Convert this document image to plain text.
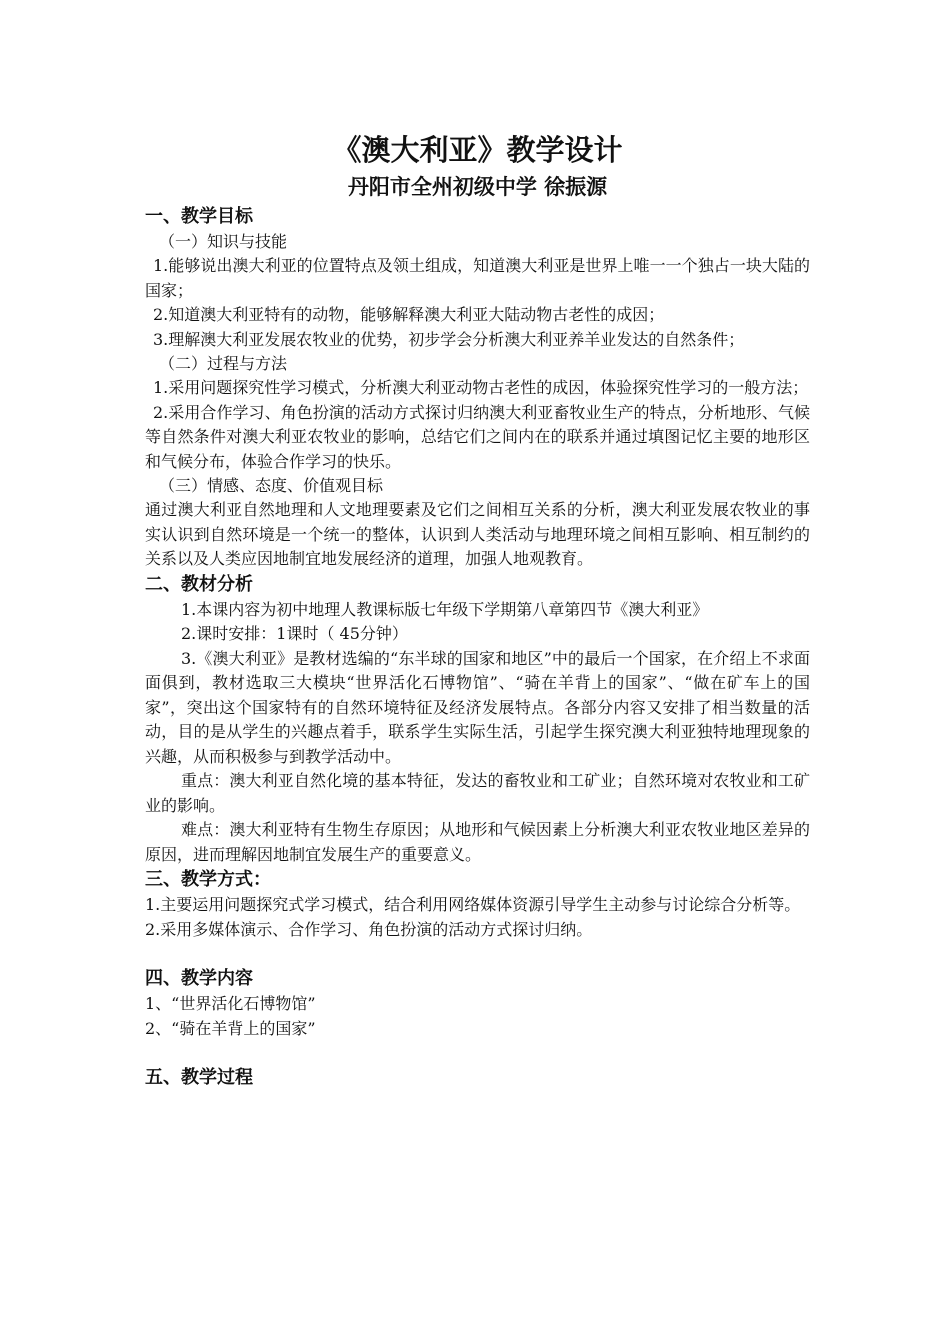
《澳大利亚》教学设计

丹阳市全州初级中学 徐振源

一、教学目标

（一）知识与技能

1.能够说出澳大利亚的位置特点及领土组成，知道澳大利亚是世界上唯一一个独占一块大陆的国家；

2.知道澳大利亚特有的动物，能够解释澳大利亚大陆动物古老性的成因；

3.理解澳大利亚发展农牧业的优势，初步学会分析澳大利亚养羊业发达的自然条件；

（二）过程与方法

1.采用问题探究性学习模式，分析澳大利亚动物古老性的成因，体验探究性学习的一般方法；

2.采用合作学习、角色扮演的活动方式探讨归纳澳大利亚畜牧业生产的特点，分析地形、气候等自然条件对澳大利亚农牧业的影响，总结它们之间内在的联系并通过填图记忆主要的地形区和气候分布，体验合作学习的快乐。

（三）情感、态度、价值观目标

通过澳大利亚自然地理和人文地理要素及它们之间相互关系的分析，澳大利亚发展农牧业的事实认识到自然环境是一个统一的整体，认识到人类活动与地理环境之间相互影响、相互制约的关系以及人类应因地制宜地发展经济的道理，加强人地观教育。

二、教材分析

1.本课内容为初中地理人教课标版七年级下学期第八章第四节《澳大利亚》

2.课时安排：1课时（ 45分钟）

3.《澳大利亚》是教材选编的“东半球的国家和地区”中的最后一个国家，在介绍上不求面面俱到，教材选取三大模块“世界活化石博物馆”、“骑在羊背上的国家”、“做在矿车上的国家”，突出这个国家特有的自然环境特征及经济发展特点。各部分内容又安排了相当数量的活动，目的是从学生的兴趣点着手，联系学生实际生活，引起学生探究澳大利亚独特地理现象的兴趣，从而积极参与到教学活动中。

重点：澳大利亚自然化境的基本特征，发达的畜牧业和工矿业；自然环境对农牧业和工矿业的影响。

难点：澳大利亚特有生物生存原因；从地形和气候因素上分析澳大利亚农牧业地区差异的原因，进而理解因地制宜发展生产的重要意义。

三、教学方式：

1.主要运用问题探究式学习模式，结合利用网络媒体资源引导学生主动参与讨论综合分析等。

2.采用多媒体演示、合作学习、角色扮演的活动方式探讨归纳。

四、教学内容

1、“世界活化石博物馆”

2、“骑在羊背上的国家”

五、教学过程
